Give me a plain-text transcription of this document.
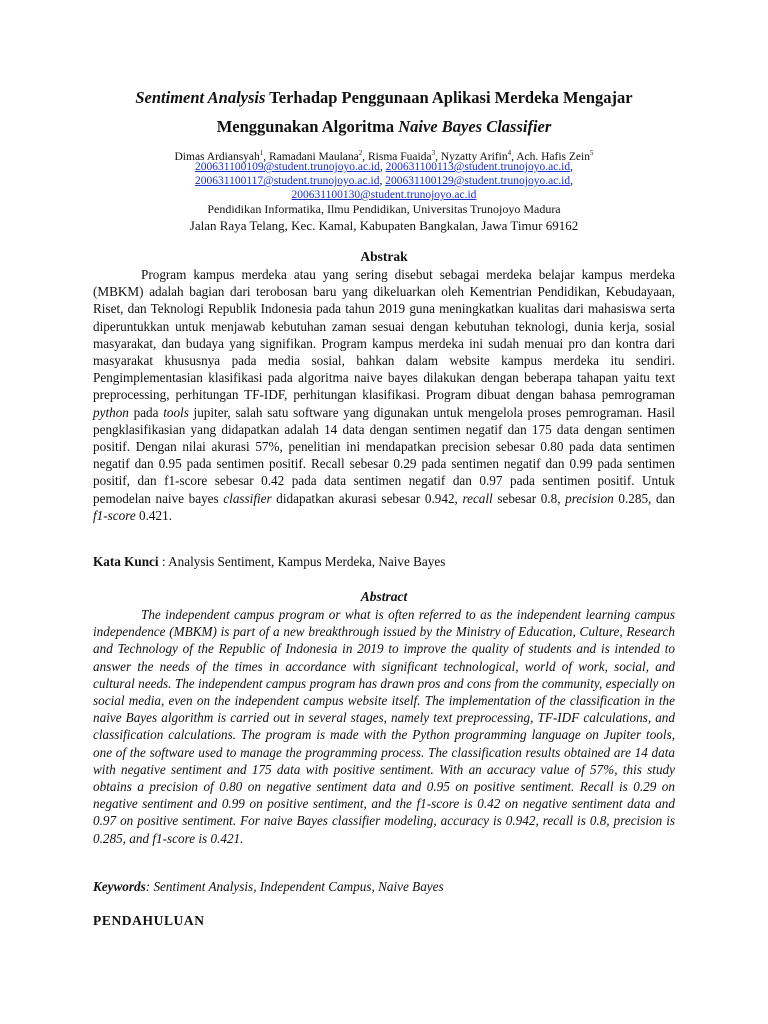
Sentiment Analysis Terhadap Penggunaan Aplikasi Merdeka Mengajar
Menggunakan Algoritma Naive Bayes Classifier
Dimas Ardiansyah$^1$, Ramadani Maulana$^2$, Risma Fuaida$^3$, Nyzatty Arifin$^4$, Ach. Hafis Zein$^5$
200631100109@student.trunojoyo.ac.id, 200631100113@student.trunojoyo.ac.id,
200631100117@student.trunojoyo.ac.id, 200631100129@student.trunojoyo.ac.id,
200631100130@student.trunojoyo.ac.id
Pendidikan Informatika, Ilmu Pendidikan, Universitas Trunojoyo Madura
Jalan Raya Telang, Kec. Kamal, Kabupaten Bangkalan, Jawa Timur 69162
Abstrak
Program kampus merdeka atau yang sering disebut sebagai merdeka belajar kampus merdeka (MBKM) adalah bagian dari terobosan baru yang dikeluarkan oleh Kementrian Pendidikan, Kebudayaan, Riset, dan Teknologi Republik Indonesia pada tahun 2019 guna meningkatkan kualitas dari mahasiswa serta diperuntukkan untuk menjawab kebutuhan zaman sesuai dengan kebutuhan teknologi, dunia kerja, sosial masyarakat, dan budaya yang signifikan. Program kampus merdeka ini sudah menuai pro dan kontra dari masyarakat khususnya pada media sosial, bahkan dalam website kampus merdeka itu sendiri. Pengimplementasian klasifikasi pada algoritma naive bayes dilakukan dengan beberapa tahapan yaitu text preprocessing, perhitungan TF-IDF, perhitungan klasifikasi. Program dibuat dengan bahasa pemrograman python pada tools jupiter, salah satu software yang digunakan untuk mengelola proses pemrograman. Hasil pengklasifikasian yang didapatkan adalah 14 data dengan sentimen negatif dan 175 data dengan sentimen positif. Dengan nilai akurasi 57%, penelitian ini mendapatkan precision sebesar 0.80 pada data sentimen negatif dan 0.95 pada sentimen positif. Recall sebesar 0.29 pada sentimen negatif dan 0.99 pada sentimen positif, dan f1-score sebesar 0.42 pada data sentimen negatif dan 0.97 pada sentimen positif. Untuk pemodelan naive bayes classifier didapatkan akurasi sebesar 0.942, recall sebesar 0.8, precision 0.285, dan f1-score 0.421.
Kata Kunci : Analysis Sentiment, Kampus Merdeka, Naive Bayes
Abstract
The independent campus program or what is often referred to as the independent learning campus independence (MBKM) is part of a new breakthrough issued by the Ministry of Education, Culture, Research and Technology of the Republic of Indonesia in 2019 to improve the quality of students and is intended to answer the needs of the times in accordance with significant technological, world of work, social, and cultural needs. The independent campus program has drawn pros and cons from the community, especially on social media, even on the independent campus website itself. The implementation of the classification in the naive Bayes algorithm is carried out in several stages, namely text preprocessing, TF-IDF calculations, and classification calculations. The program is made with the Python programming language on Jupiter tools, one of the software used to manage the programming process. The classification results obtained are 14 data with negative sentiment and 175 data with positive sentiment. With an accuracy value of 57%, this study obtains a precision of 0.80 on negative sentiment data and 0.95 on positive sentiment. Recall is 0.29 on negative sentiment and 0.99 on positive sentiment, and the f1-score is 0.42 on negative sentiment data and 0.97 on positive sentiment. For naive Bayes classifier modeling, accuracy is 0.942, recall is 0.8, precision is 0.285, and f1-score is 0.421.
Keywords: Sentiment Analysis, Independent Campus, Naive Bayes
PENDAHULUAN
